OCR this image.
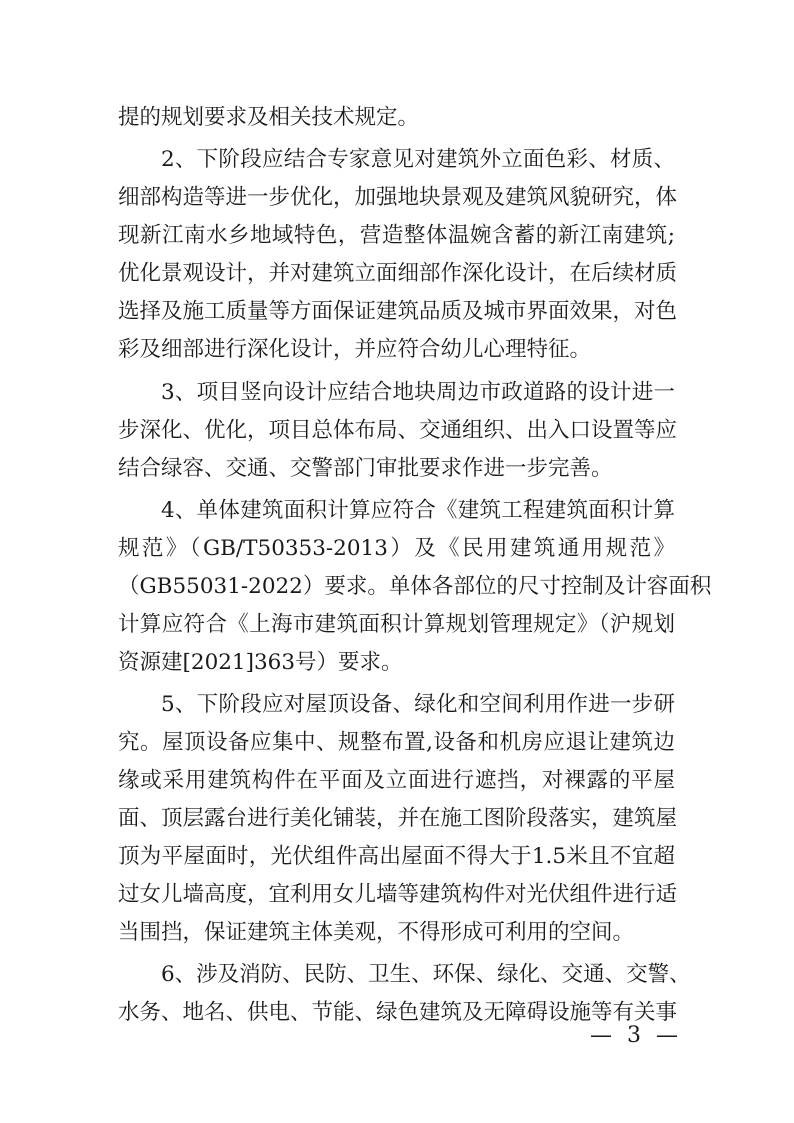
提的规划要求及相关技术规定。
2、下阶段应结合专家意见对建筑外立面色彩、材质、
细部构造等进一步优化，加强地块景观及建筑风貌研究，体
现新江南水乡地域特色，营造整体温婉含蓄的新江南建筑;
优化景观设计，并对建筑立面细部作深化设计，在后续材质
选择及施工质量等方面保证建筑品质及城市界面效果，对色
彩及细部进行深化设计，并应符合幼儿心理特征。
3、项目竖向设计应结合地块周边市政道路的设计进一
步深化、优化，项目总体布局、交通组织、出入口设置等应
结合绿容、交通、交警部门审批要求作进一步完善。
4、单体建筑面积计算应符合《建筑工程建筑面积计算
规范》（GB/T50353-2013）及《民用建筑通用规范》
（GB55031-2022）要求。单体各部位的尺寸控制及计容面积
计算应符合《上海市建筑面积计算规划管理规定》（沪规划
资源建[2021]363号）要求。
5、下阶段应对屋顶设备、绿化和空间利用作进一步研
究。屋顶设备应集中、规整布置,设备和机房应退让建筑边
缘或采用建筑构件在平面及立面进行遮挡，对裸露的平屋
面、顶层露台进行美化铺装，并在施工图阶段落实，建筑屋
顶为平屋面时，光伏组件高出屋面不得大于1.5米且不宜超
过女儿墙高度，宜利用女儿墙等建筑构件对光伏组件进行适
当围挡，保证建筑主体美观，不得形成可利用的空间。
6、涉及消防、民防、卫生、环保、绿化、交通、交警、
水务、地名、供电、节能、绿色建筑及无障碍设施等有关事
— 3 —
